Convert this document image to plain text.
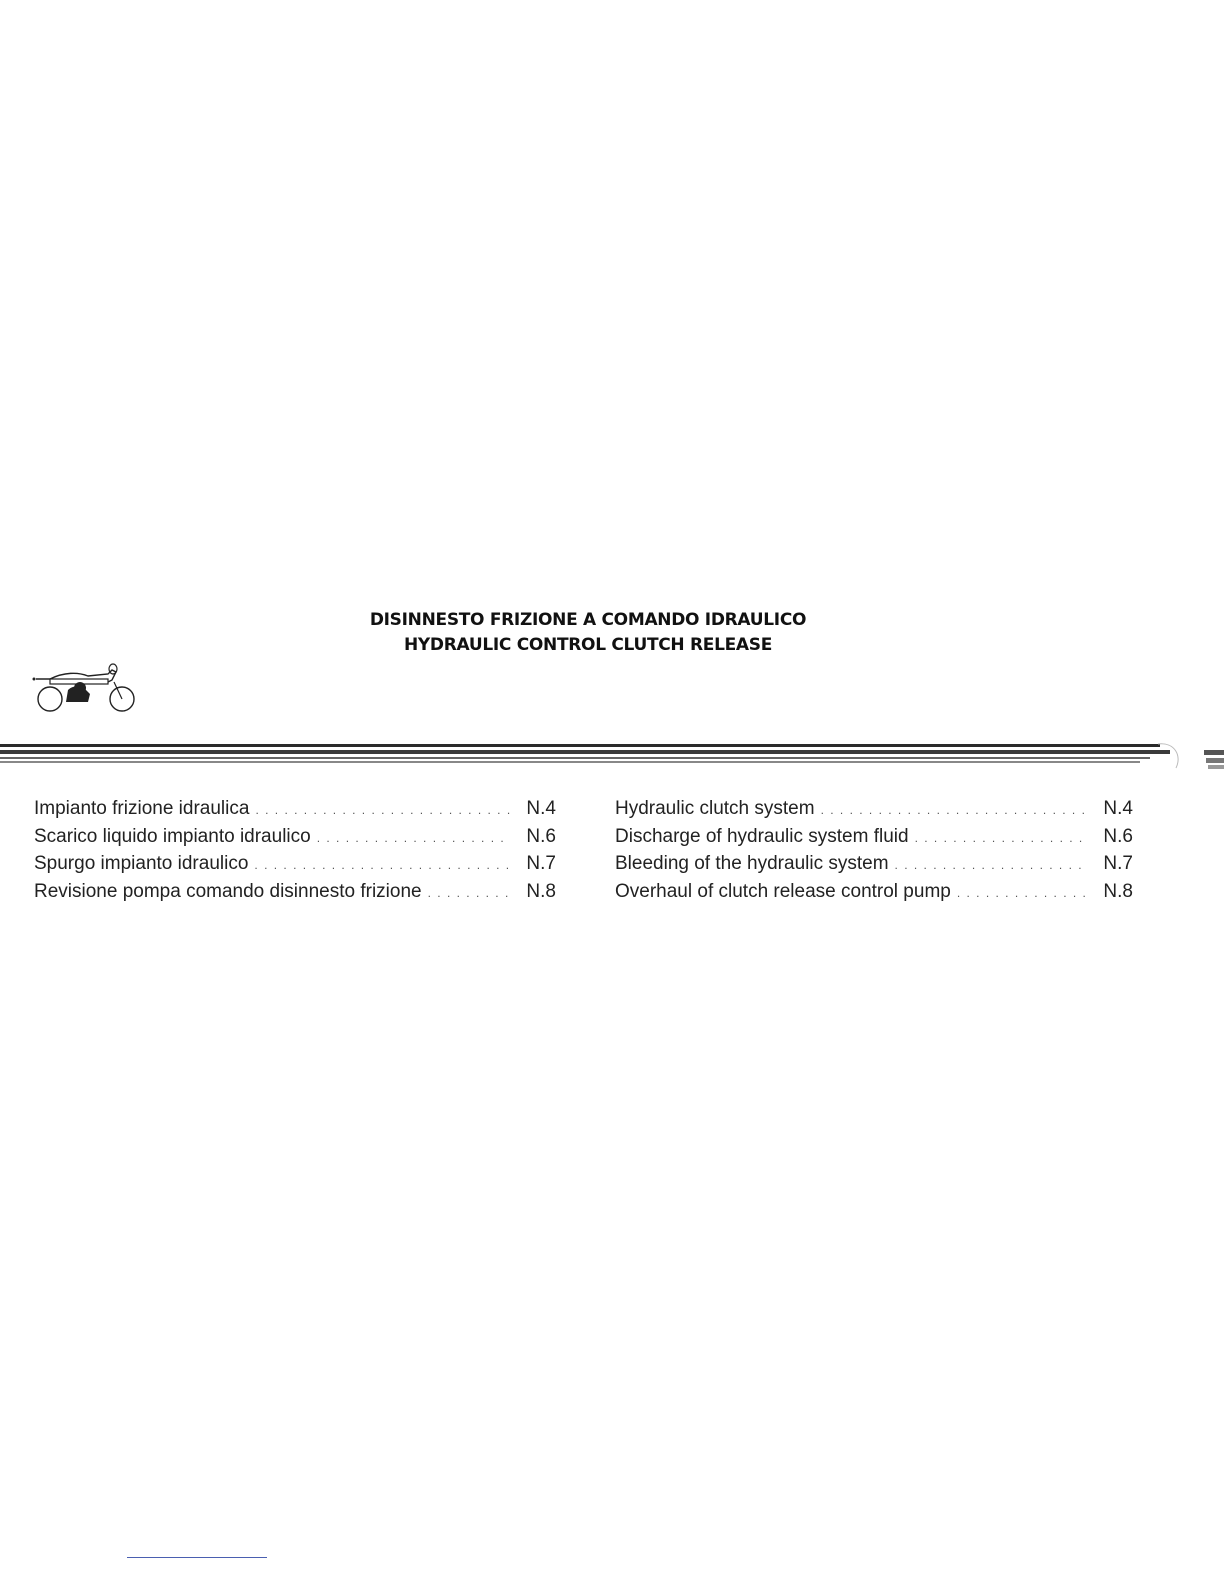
DISINNESTO FRIZIONE A COMANDO IDRAULICO
HYDRAULIC CONTROL CLUTCH RELEASE
Impianto frizione idraulica . . .	N.4
Scarico liquido impianto idraulico . . .	N.6
Spurgo impianto idraulico . . .	N.7
Revisione pompa comando disinnesto frizione . . .	N.8
Hydraulic clutch system . . .	N.4
Discharge of hydraulic system fluid . . .	N.6
Bleeding of the hydraulic system . . .	N.7
Overhaul of clutch release control pump . . .	N.8
